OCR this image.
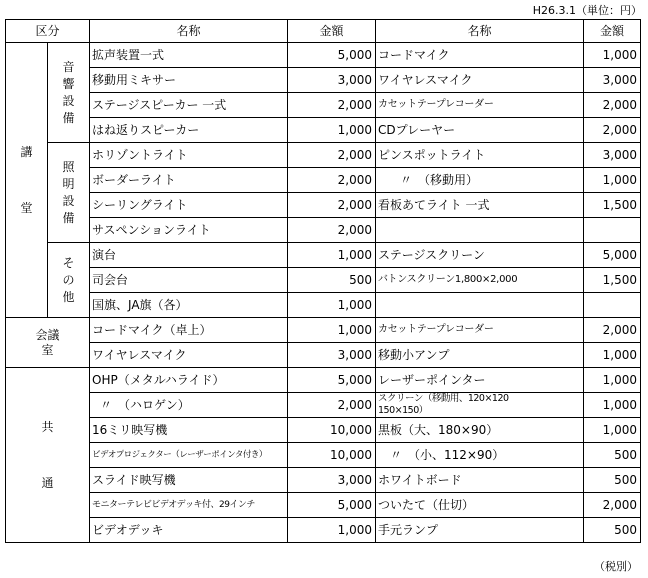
H26.3.1（単位：円）
区分		名称	金額	名称	金額
講

堂	音響設備	拡声装置一式	5,000	コードマイク	1,000
		移動用ミキサー	3,000	ワイヤレスマイク	3,000
		ステージスピーカー 一式	2,000	カセットテープレコーダー	2,000
		はね返りスピーカー	1,000	CDプレーヤー	2,000
	照明設備	ホリゾントライト	2,000	ピンスポットライト	3,000
		ボーダーライト	2,000	〃　（移動用）	1,000
		シーリングライト	2,000	看板あてライト 一式	1,500
		サスペンションライト	2,000		
	その他	演台	1,000	ステージスクリーン	5,000
		司会台	500	バトンスクリーン1,800×2,000	1,500
		国旗、JA旗（各）	1,000		
会議室		コードマイク（卓上）	1,000	カセットテープレコーダー	2,000
		ワイヤレスマイク	3,000	移動小アンプ	1,000
共

通		OHP（メタルハライド）	5,000	レーザーポインター	1,000
		〃　（ハロゲン）	2,000	スクリーン（移動用、120×120
150×150）	1,000
		16ミリ映写機	10,000	黒板（大、180×90）	1,000
		ビデオプロジェクター（レーザーポインタ付き）	10,000	〃　（小、112×90）	500
		スライド映写機	3,000	ホワイトボード	500
		モニターテレビビデオデッキ付、29インチ	5,000	ついたて（仕切）	2,000
		ビデオデッキ	1,000	手元ランプ	500
（税別）
